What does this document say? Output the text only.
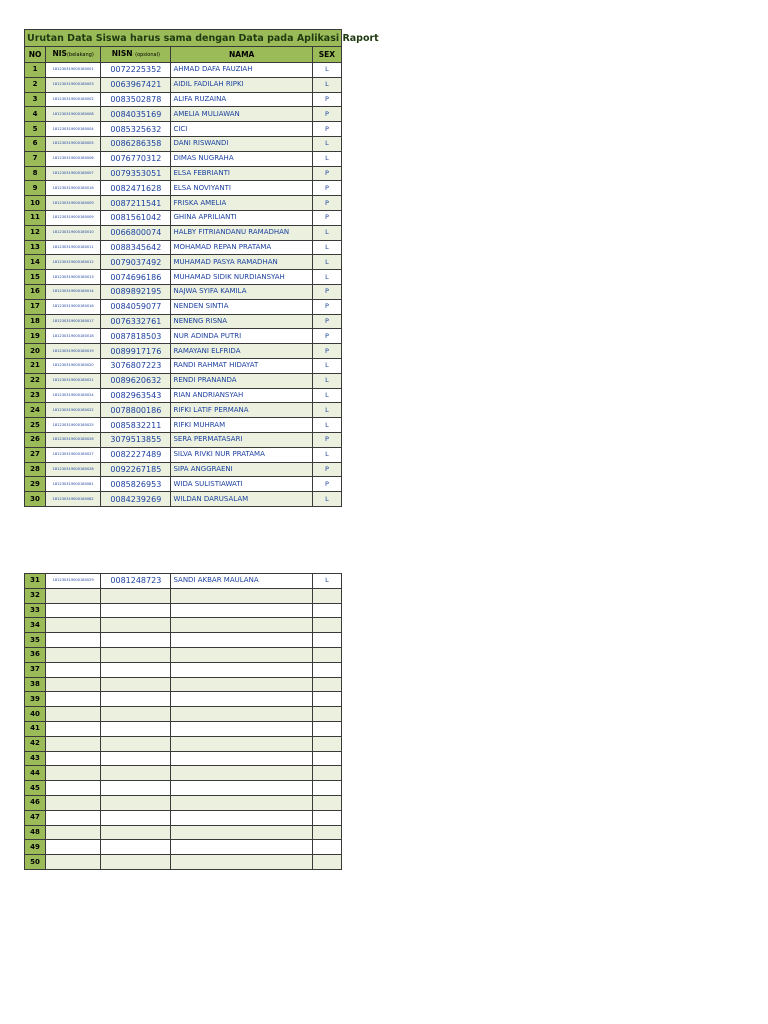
Urutan Data Siswa harus sama dengan Data pada Aplikasi Raport				
NO	NIS(belakang)	NISN (opsional)	NAMA	SEX
1	181230319000180001	0072225352	AHMAD DAFA FAUZIAH	L
2	181230319000180003	0063967421	AIDIL FADILAH RIPKI	L
3	181230319000180002	0083502878	ALIFA RUZAINA	P
4	181230319000180008	0084035169	AMELIA MULIAWAN	P
5	181230319000180004	0085325632	CICI	P
6	181230319000180005	0086286358	DANI RISWANDI	L
7	181230319000180006	0076770312	DIMAS NUGRAHA	L
8	181230319000180007	0079353051	ELSA FEBRIANTI	P
9	181230319000180018	0082471628	ELSA NOVIYANTI	P
10	181230319000180009	0087211541	FRISKA AMELIA	P
11	181230319000180009	0081561042	GHINA APRILIANTI	P
12	181230319000180010	0066800074	HALBY FITRIANDANU RAMADHAN	L
13	181230319000180011	0088345642	MOHAMAD REPAN PRATAMA	L
14	181230319000180012	0079037492	MUHAMAD PASYA RAMADHAN	L
15	181230319000180013	0074696186	MUHAMAD SIDIK NURDIANSYAH	L
16	181230319000180014	0089892195	NAJWA SYIFA KAMILA	P
17	181230319000180016	0084059077	NENDEN SINTIA	P
18	181230319000180017	0076332761	NENENG RISNA	P
19	181230319000180018	0087818503	NUR ADINDA PUTRI	P
20	181230319000180019	0089917176	RAMAYANI ELFRIDA	P
21	181230319000180020	3076807223	RANDI RAHMAT HIDAYAT	L
22	181230319000180021	0089620632	RENDI PRANANDA	L
23	181230319000180024	0082963543	RIAN ANDRIANSYAH	L
24	181230319000180022	0078800186	RIFKI LATIF PERMANA	L
25	181230319000180025	0085832211	RIFKI MUHRAM	L
26	181230319000180026	3079513855	SERA PERMATASARI	P
27	181230319000180027	0082227489	SILVA RIVKI NUR PRATAMA	L
28	181230319000180028	0092267185	SIPA ANGGRAENI	P
29	181230319000180081	0085826953	WIDA SULISTIAWATI	P
30	181230319000180082	0084239269	WILDAN DARUSALAM	L
31	181230319000180029	0081248723	SANDI AKBAR MAULANA	L
32				
33				
34				
35				
36				
37				
38				
39				
40				
41				
42				
43				
44				
45				
46				
47				
48				
49				
50				
